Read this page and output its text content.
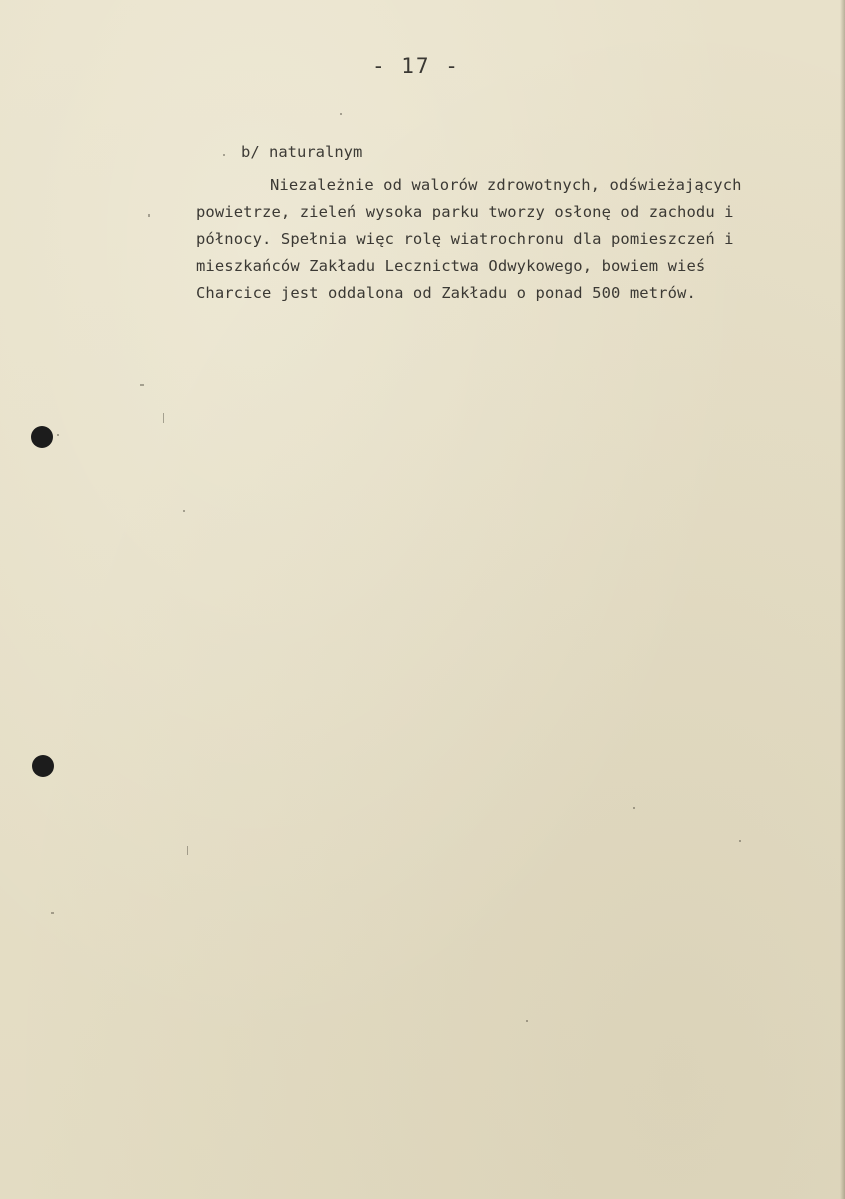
- 17 -
b/ naturalnym
Niezależnie od walorów zdrowotnych, odświeżających
powietrze, zieleń wysoka parku tworzy osłonę od zachodu i
północy. Spełnia więc rolę wiatrochronu dla pomieszczeń i
mieszkańców Zakładu Lecznictwa Odwykowego, bowiem wieś
Charcice jest oddalona od Zakładu o ponad 500 metrów.
